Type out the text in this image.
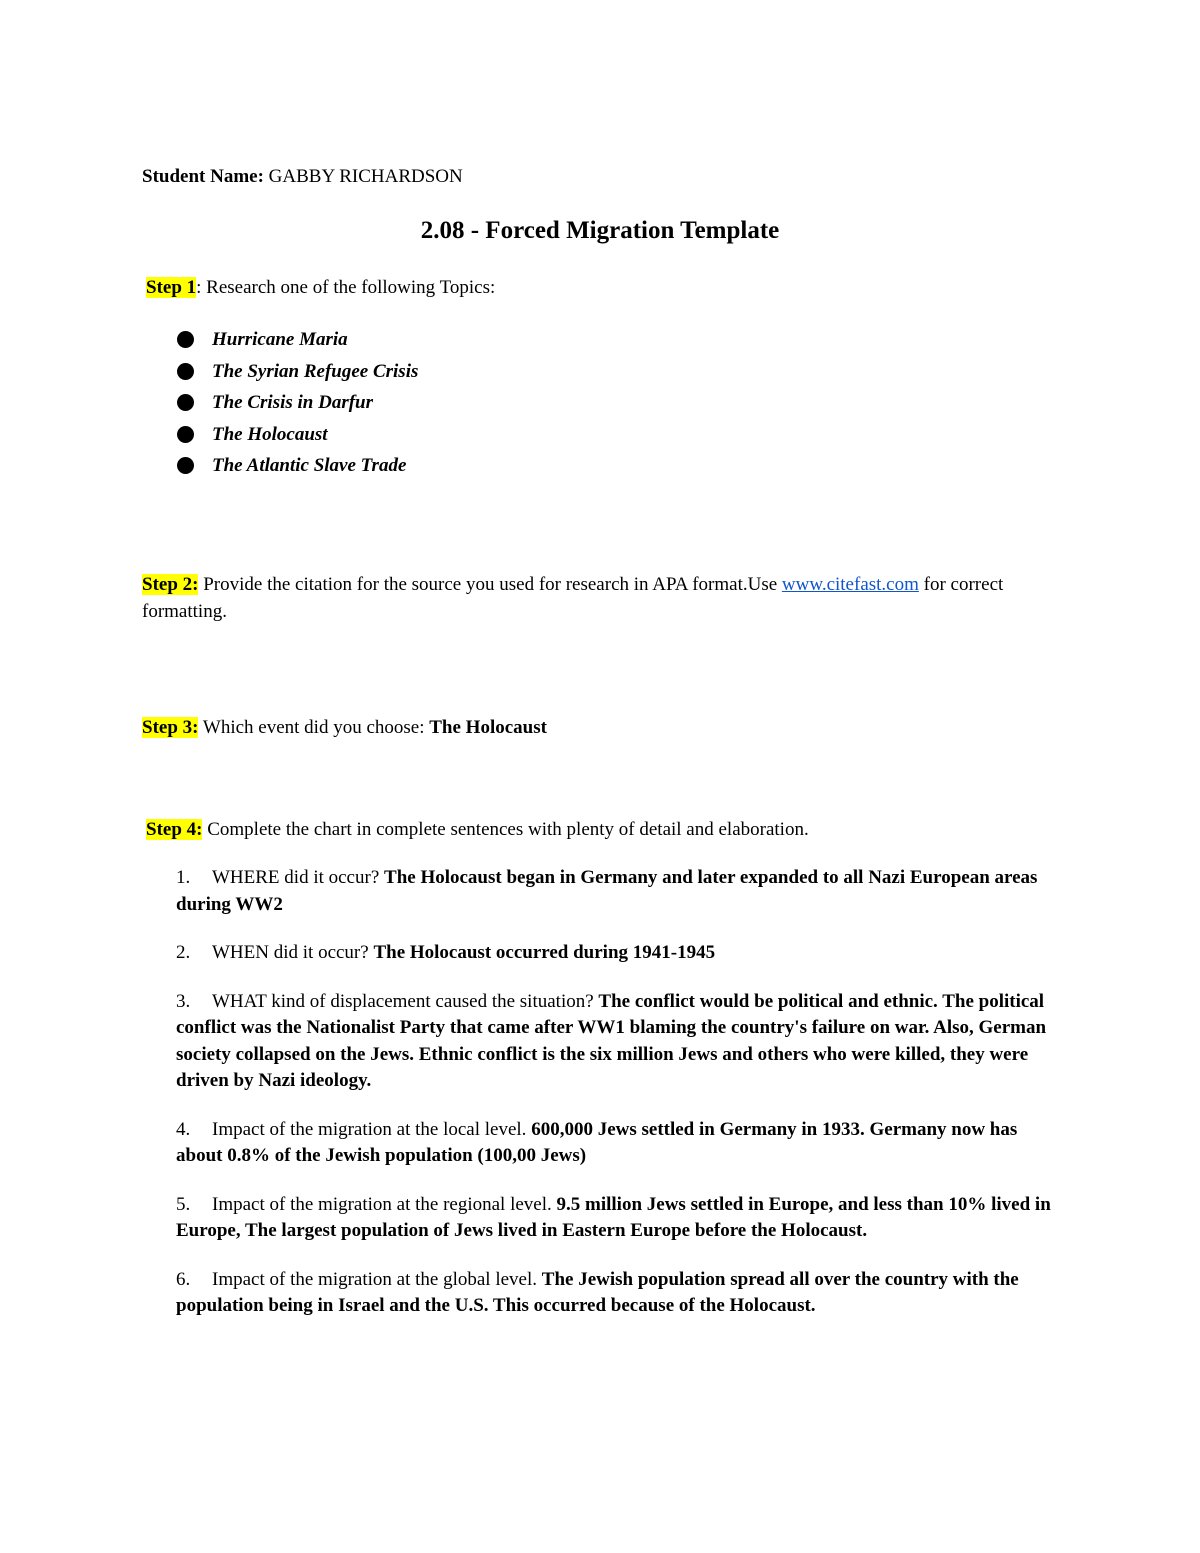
Student Name: GABBY RICHARDSON
2.08 - Forced Migration Template
Step 1: Research one of the following Topics:
Hurricane Maria
The Syrian Refugee Crisis
The Crisis in Darfur
The Holocaust
The Atlantic Slave Trade
Step 2: Provide the citation for the source you used for research in APA format.Use www.citefast.com for correct formatting.
Step 3: Which event did you choose: The Holocaust
Step 4: Complete the chart in complete sentences with plenty of detail and elaboration.

1. WHERE did it occur? The Holocaust began in Germany and later expanded to all Nazi European areas during WW2

2. WHEN did it occur? The Holocaust occurred during 1941-1945

3. WHAT kind of displacement caused the situation? The conflict would be political and ethnic. The political conflict was the Nationalist Party that came after WW1 blaming the country's failure on war. Also, German society collapsed on the Jews. Ethnic conflict is the six million Jews and others who were killed, they were driven by Nazi ideology.

4. Impact of the migration at the local level. 600,000 Jews settled in Germany in 1933. Germany now has about 0.8% of the Jewish population (100,00 Jews)

5. Impact of the migration at the regional level. 9.5 million Jews settled in Europe, and less than 10% lived in Europe, The largest population of Jews lived in Eastern Europe before the Holocaust.

6. Impact of the migration at the global level. The Jewish population spread all over the country with the population being in Israel and the U.S. This occurred because of the Holocaust.
